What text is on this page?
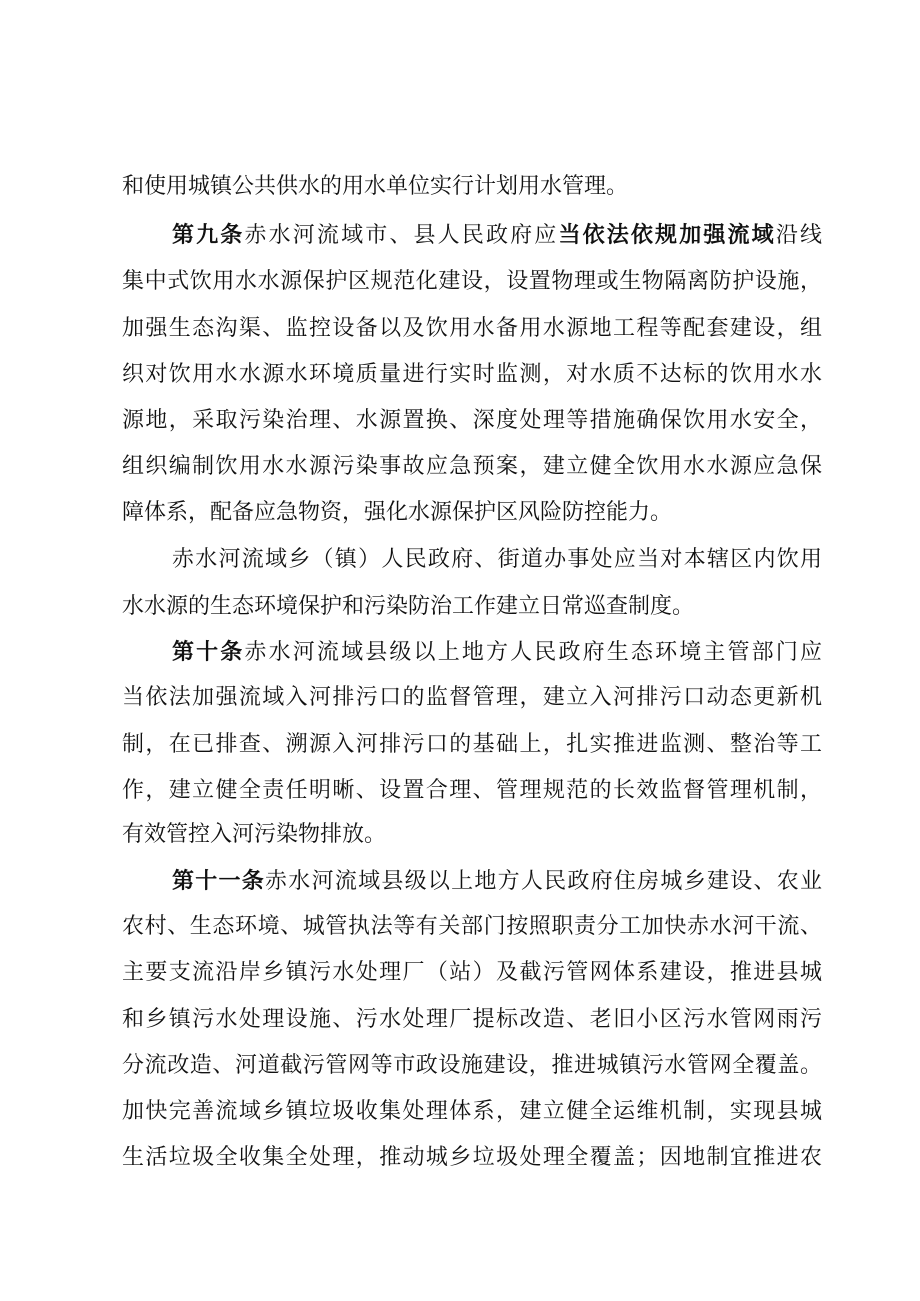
和使用城镇公共供水的用水单位实行计划用水管理。
第九条赤水河流域市、县人民政府应当依法依规加强流域沿线
集中式饮用水水源保护区规范化建设，设置物理或生物隔离防护设施，
加强生态沟渠、监控设备以及饮用水备用水源地工程等配套建设，组
织对饮用水水源水环境质量进行实时监测，对水质不达标的饮用水水
源地，采取污染治理、水源置换、深度处理等措施确保饮用水安全，
组织编制饮用水水源污染事故应急预案，建立健全饮用水水源应急保
障体系，配备应急物资，强化水源保护区风险防控能力。
赤水河流域乡（镇）人民政府、街道办事处应当对本辖区内饮用
水水源的生态环境保护和污染防治工作建立日常巡查制度。
第十条赤水河流域县级以上地方人民政府生态环境主管部门应
当依法加强流域入河排污口的监督管理，建立入河排污口动态更新机
制，在已排查、溯源入河排污口的基础上，扎实推进监测、整治等工
作，建立健全责任明晰、设置合理、管理规范的长效监督管理机制，
有效管控入河污染物排放。
第十一条赤水河流域县级以上地方人民政府住房城乡建设、农业
农村、生态环境、城管执法等有关部门按照职责分工加快赤水河干流、
主要支流沿岸乡镇污水处理厂（站）及截污管网体系建设，推进县城
和乡镇污水处理设施、污水处理厂提标改造、老旧小区污水管网雨污
分流改造、河道截污管网等市政设施建设，推进城镇污水管网全覆盖。
加快完善流域乡镇垃圾收集处理体系，建立健全运维机制，实现县城
生活垃圾全收集全处理，推动城乡垃圾处理全覆盖；因地制宜推进农
